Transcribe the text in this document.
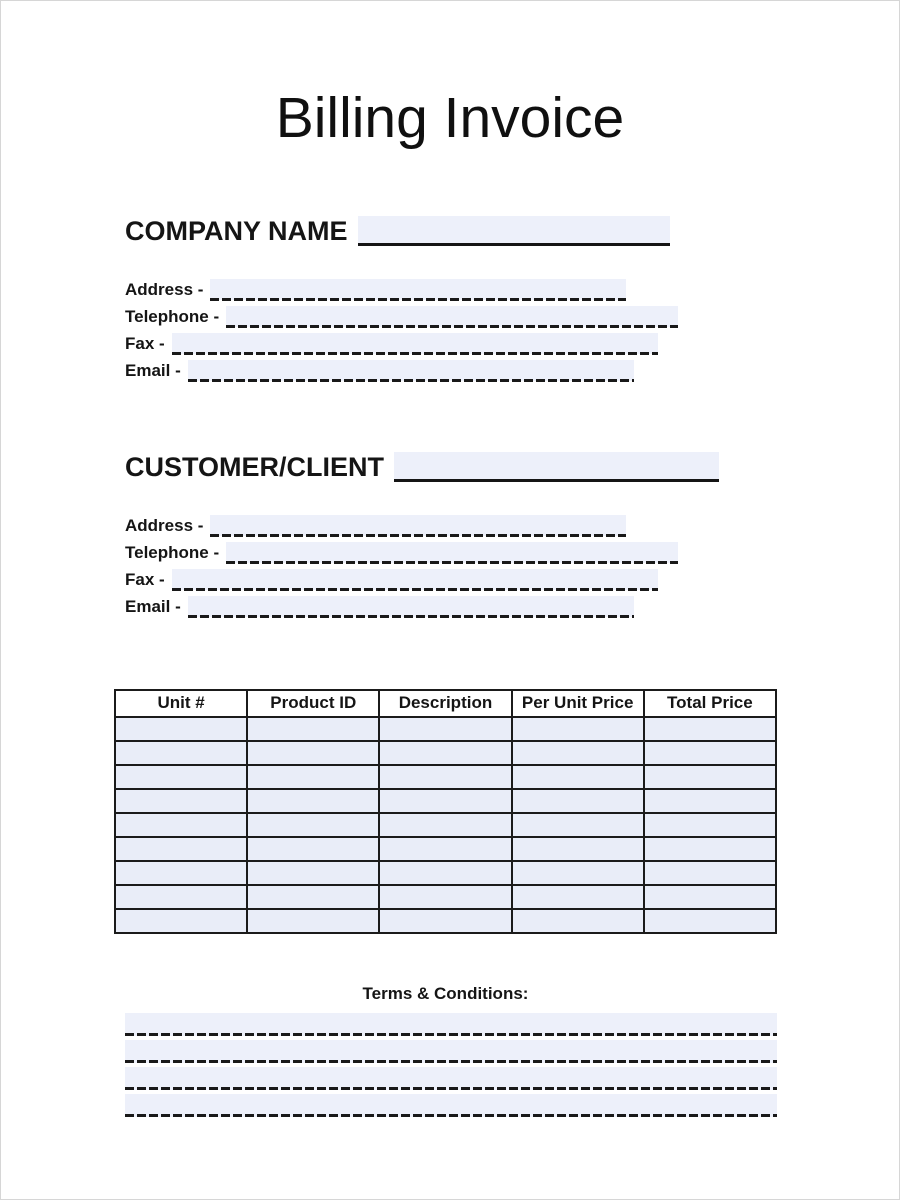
Billing Invoice
COMPANY NAME
Address -
Telephone -
Fax -
Email -
CUSTOMER/CLIENT
Address -
Telephone -
Fax -
Email -
Unit #	Product ID	Description	Per Unit Price	Total Price

Terms & Conditions:
